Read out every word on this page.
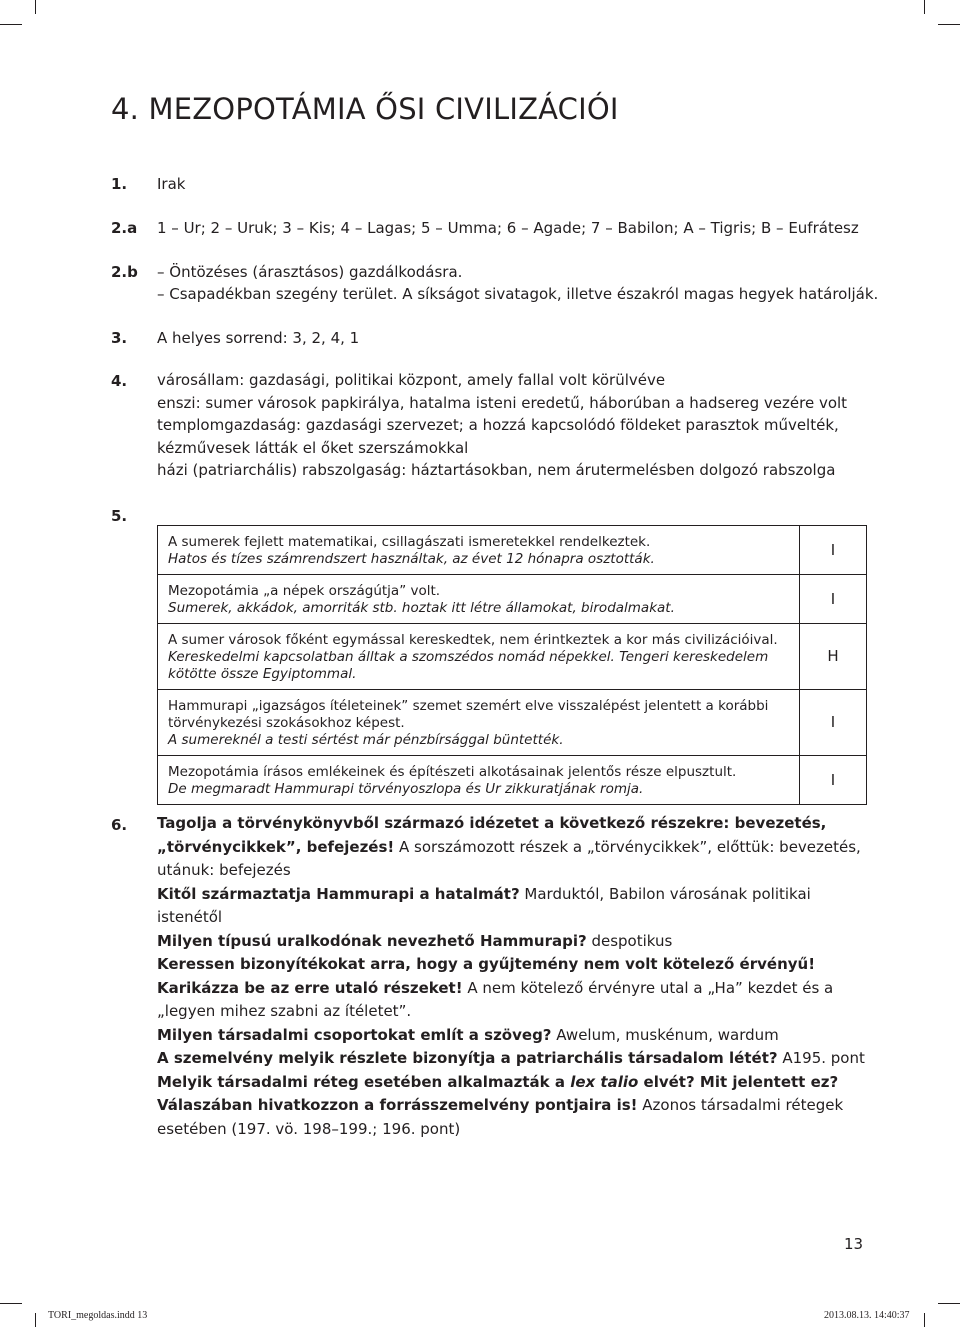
4. MEZOPOTÁMIA ŐSI CIVILIZÁCIÓI
1. Irak
2.a 1 – Ur; 2 – Uruk; 3 – Kis; 4 – Lagas; 5 – Umma; 6 – Agade; 7 – Babilon; A – Tigris; B – Eufrátesz
2.b – Öntözéses (árasztásos) gazdálkodásra.
– Csapadékban szegény terület. A síkságot sivatagok, illetve északról magas hegyek határolják.
3. A helyes sorrend: 3, 2, 4, 1
4. városállam: gazdasági, politikai központ, amely fallal volt körülvéve

enszi: sumer városok papkirálya, hatalma isteni eredetű, háborúban a hadsereg vezére volt

templomgazdaság: gazdasági szervezet; a hozzá kapcsolódó földeket parasztok művelték, kézművesek látták el őket szerszámokkal

házi (patriarchális) rabszolgaság: háztartásokban, nem árutermelésben dolgozó rabszolga

5.
A sumerek fejlett matematikai, csillagászati ismeretekkel rendelkeztek.
Hatos és tízes számrendszert használtak, az évet 12 hónapra osztották.	I

Mezopotámia „a népek országútja” volt.
Sumerek, akkádok, amorriták stb. hoztak itt létre államokat, birodalmakat.	I

A sumer városok főként egymással kereskedtek, nem érintkeztek a kor más civilizációival.
Kereskedelmi kapcsolatban álltak a szomszédos nomád népekkel. Tengeri kereskedelem kötötte össze Egyiptommal.	H

Hammurapi „igazságos ítéleteinek” szemet szemért elve visszalépést jelentett a korábbi törvénykezési szokásokhoz képest.
A sumereknél a testi sértést már pénzbírsággal büntették.	I

Mezopotámia írásos emlékeinek és építészeti alkotásainak jelentős része elpusztult.
De megmaradt Hammurapi törvényoszlopa és Ur zikkuratjának romja.	I
6. Tagolja a törvénykönyvből származó idézetet a következő részekre: bevezetés, „törvénycikkek”, befejezés! A sorszámozott részek a „törvénycikkek”, előttük: bevezetés, utánuk: befejezés

Kitől származtatja Hammurapi a hatalmát? Marduktól, Babilon városának politikai istenétől

Milyen típusú uralkodónak nevezhető Hammurapi? despotikus

Keressen bizonyítékokat arra, hogy a gyűjtemény nem volt kötelező érvényű! Karikázza be az erre utaló részeket! A nem kötelező érvényre utal a „Ha” kezdet és a „legyen mihez szabni az ítéletet”.

Milyen társadalmi csoportokat említ a szöveg? Awelum, muskénum, wardum

A szemelvény melyik részlete bizonyítja a patriarchális társadalom létét? A195. pont

Melyik társadalmi réteg esetében alkalmazták a lex talio elvét? Mit jelentett ez? Válaszában hivatkozzon a forrásszemelvény pontjaira is! Azonos társadalmi rétegek esetében (197. vö. 198–199.; 196. pont)

13
TORI_megoldas.indd 13	2013.08.13. 14:40:37
